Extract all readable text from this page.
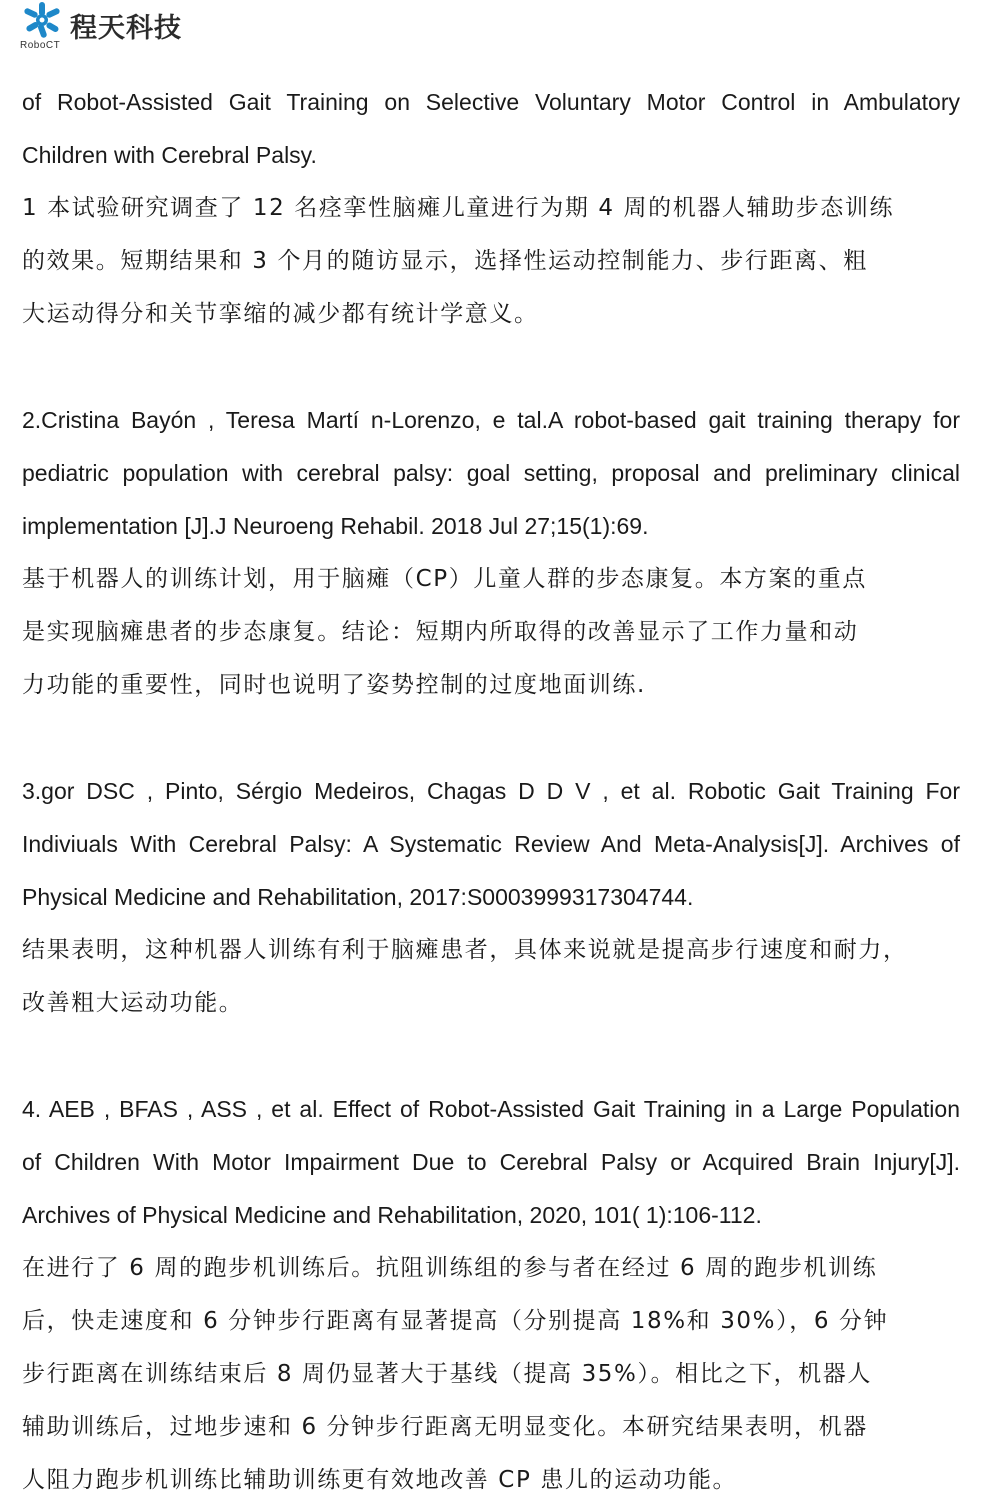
程天科技
RoboCT
of Robot-Assisted Gait Training on Selective Voluntary Motor Control in Ambulatory
Children with Cerebral Palsy.
1 本试验研究调查了 12 名痉挛性脑瘫儿童进行为期 4 周的机器人辅助步态训练
的效果。短期结果和 3 个月的随访显示，选择性运动控制能力、步行距离、粗
大运动得分和关节挛缩的减少都有统计学意义。
2.Cristina Bayón , Teresa Martí n-Lorenzo, e tal.A robot-based gait training therapy for
pediatric population with cerebral palsy: goal setting, proposal and preliminary clinical
implementation [J].J Neuroeng Rehabil. 2018 Jul 27;15(1):69.
基于机器人的训练计划，用于脑瘫（CP）儿童人群的步态康复。本方案的重点
是实现脑瘫患者的步态康复。结论：短期内所取得的改善显示了工作力量和动
力功能的重要性，同时也说明了姿势控制的过度地面训练.
3.gor DSC , Pinto, Sérgio Medeiros, Chagas D D V , et al. Robotic Gait Training For
Indiviuals With Cerebral Palsy: A Systematic Review And Meta-Analysis[J]. Archives of
Physical Medicine and Rehabilitation, 2017:S0003999317304744.
结果表明，这种机器人训练有利于脑瘫患者，具体来说就是提高步行速度和耐力，
改善粗大运动功能。
4. AEB , BFAS , ASS , et al. Effect of Robot-Assisted Gait Training in a Large Population
of Children With Motor Impairment Due to Cerebral Palsy or Acquired Brain Injury[J].
Archives of Physical Medicine and Rehabilitation, 2020, 101( 1):106-112.
在进行了 6 周的跑步机训练后。抗阻训练组的参与者在经过 6 周的跑步机训练
后，快走速度和 6 分钟步行距离有显著提高（分别提高 18%和 30%），6 分钟
步行距离在训练结束后 8 周仍显著大于基线（提高 35%）。相比之下，机器人
辅助训练后，过地步速和 6 分钟步行距离无明显变化。本研究结果表明，机器
人阻力跑步机训练比辅助训练更有效地改善 CP 患儿的运动功能。
